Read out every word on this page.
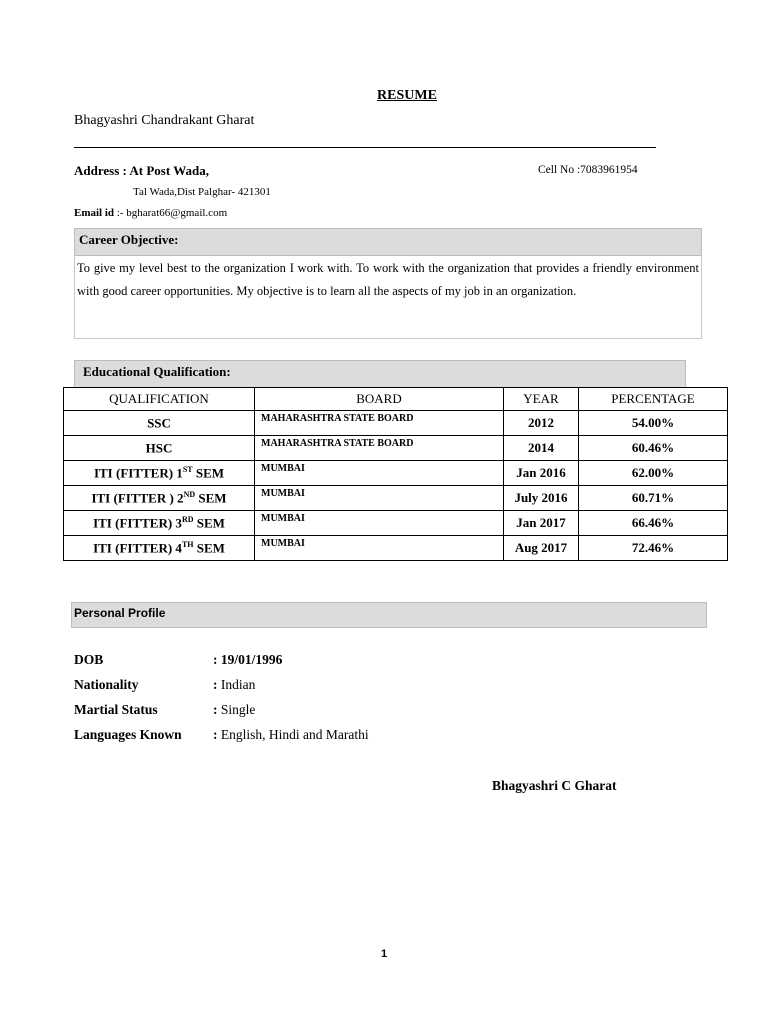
RESUME
Bhagyashri Chandrakant Gharat
Address : At Post Wada,	Cell No :7083961954
Tal Wada,Dist Palghar- 421301
Email id :- bgharat66@gmail.com
Career Objective:
To give my level best to the organization I work with. To work with the organization that provides a friendly environment with good career opportunities. My objective is to learn all the aspects of my job in an organization.
Educational Qualification:
QUALIFICATION	BOARD	YEAR	PERCENTAGE
SSC	MAHARASHTRA STATE BOARD	2012	54.00%
HSC	MAHARASHTRA STATE BOARD	2014	60.46%
ITI (FITTER) 1ST SEM	MUMBAI	Jan 2016	62.00%
ITI (FITTER ) 2ND SEM	MUMBAI	July 2016	60.71%
ITI (FITTER) 3RD SEM	MUMBAI	Jan 2017	66.46%
ITI (FITTER) 4TH SEM	MUMBAI	Aug 2017	72.46%
Personal Profile
DOB	: 19/01/1996
Nationality	: Indian
Martial Status	: Single
Languages Known : English, Hindi and Marathi
Bhagyashri C Gharat
1
